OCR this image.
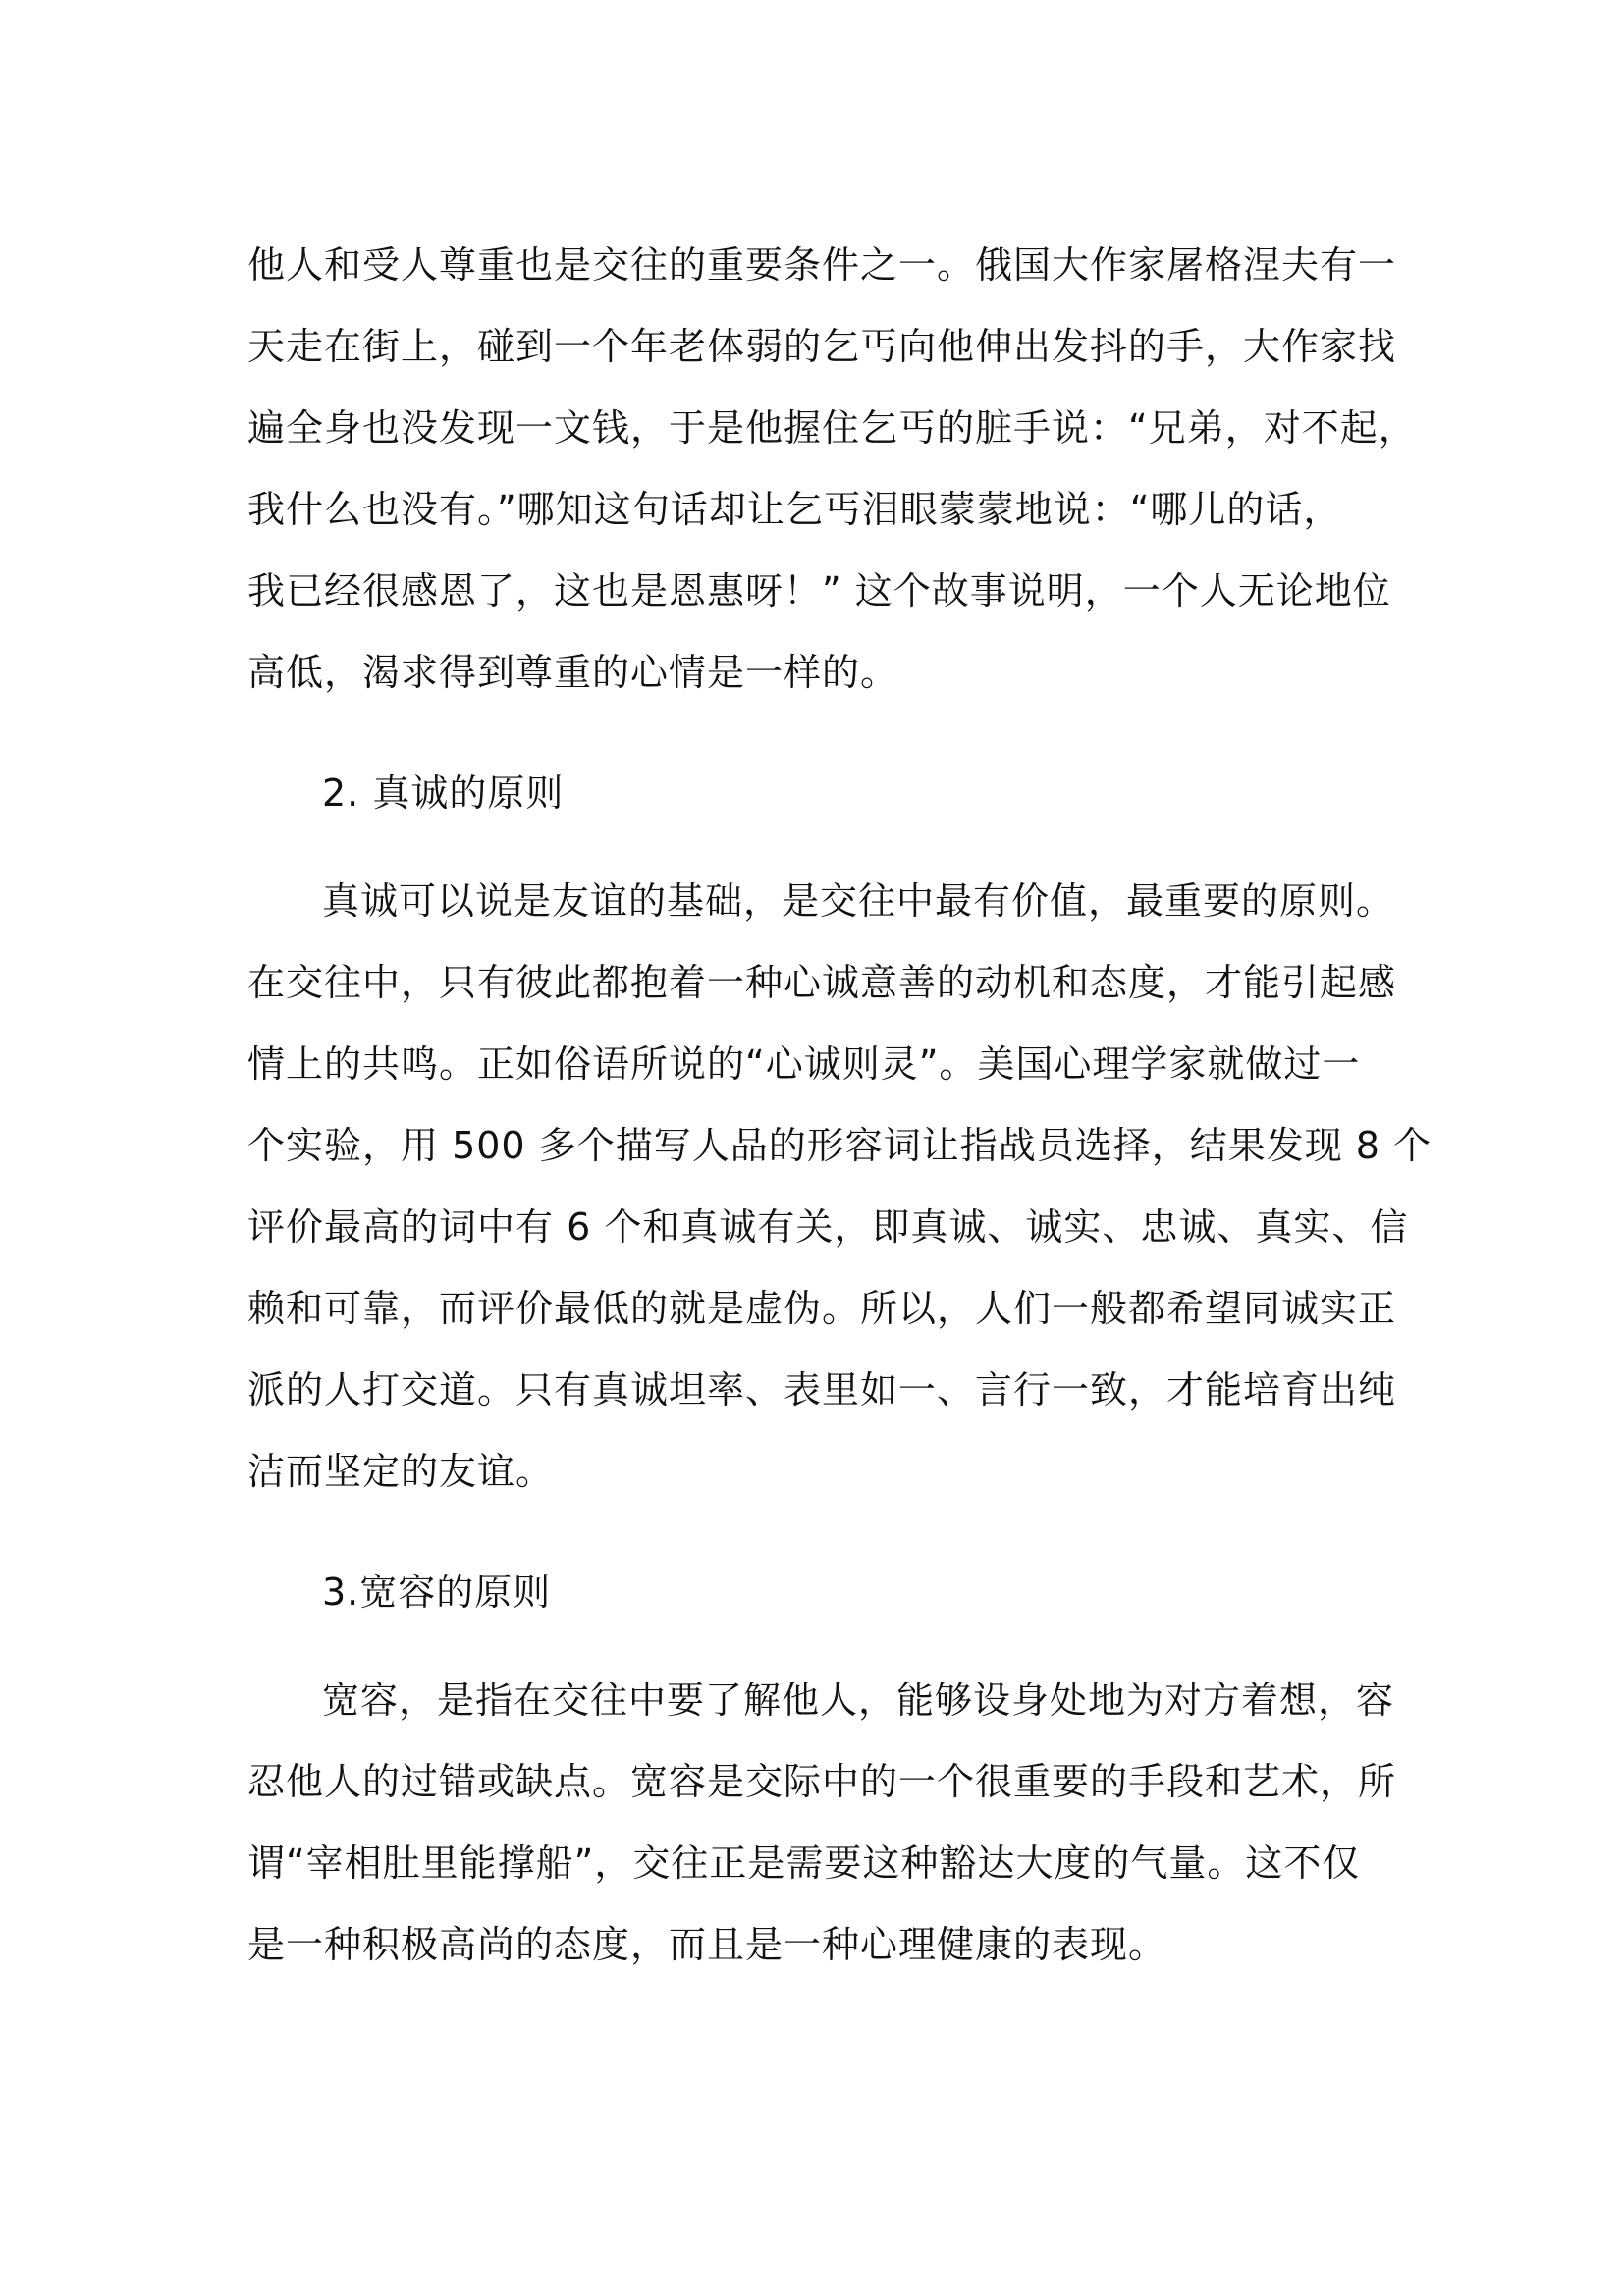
他人和受人尊重也是交往的重要条件之一。俄国大作家屠格涅夫有一
天走在街上，碰到一个年老体弱的乞丐向他伸出发抖的手，大作家找
遍全身也没发现一文钱，于是他握住乞丐的脏手说：“兄弟，对不起，
我什么也没有。”哪知这句话却让乞丐泪眼蒙蒙地说：“哪儿的话，
我已经很感恩了，这也是恩惠呀！” 这个故事说明，一个人无论地位
高低，渴求得到尊重的心情是一样的。
2. 真诚的原则
真诚可以说是友谊的基础，是交往中最有价值，最重要的原则。
在交往中，只有彼此都抱着一种心诚意善的动机和态度，才能引起感
情上的共鸣。正如俗语所说的“心诚则灵”。美国心理学家就做过一
个实验，用 500 多个描写人品的形容词让指战员选择，结果发现 8 个
评价最高的词中有 6 个和真诚有关，即真诚、诚实、忠诚、真实、信
赖和可靠，而评价最低的就是虚伪。所以，人们一般都希望同诚实正
派的人打交道。只有真诚坦率、表里如一、言行一致，才能培育出纯
洁而坚定的友谊。
3.宽容的原则
宽容，是指在交往中要了解他人，能够设身处地为对方着想，容
忍他人的过错或缺点。宽容是交际中的一个很重要的手段和艺术，所
谓“宰相肚里能撑船”，交往正是需要这种豁达大度的气量。这不仅
是一种积极高尚的态度，而且是一种心理健康的表现。
